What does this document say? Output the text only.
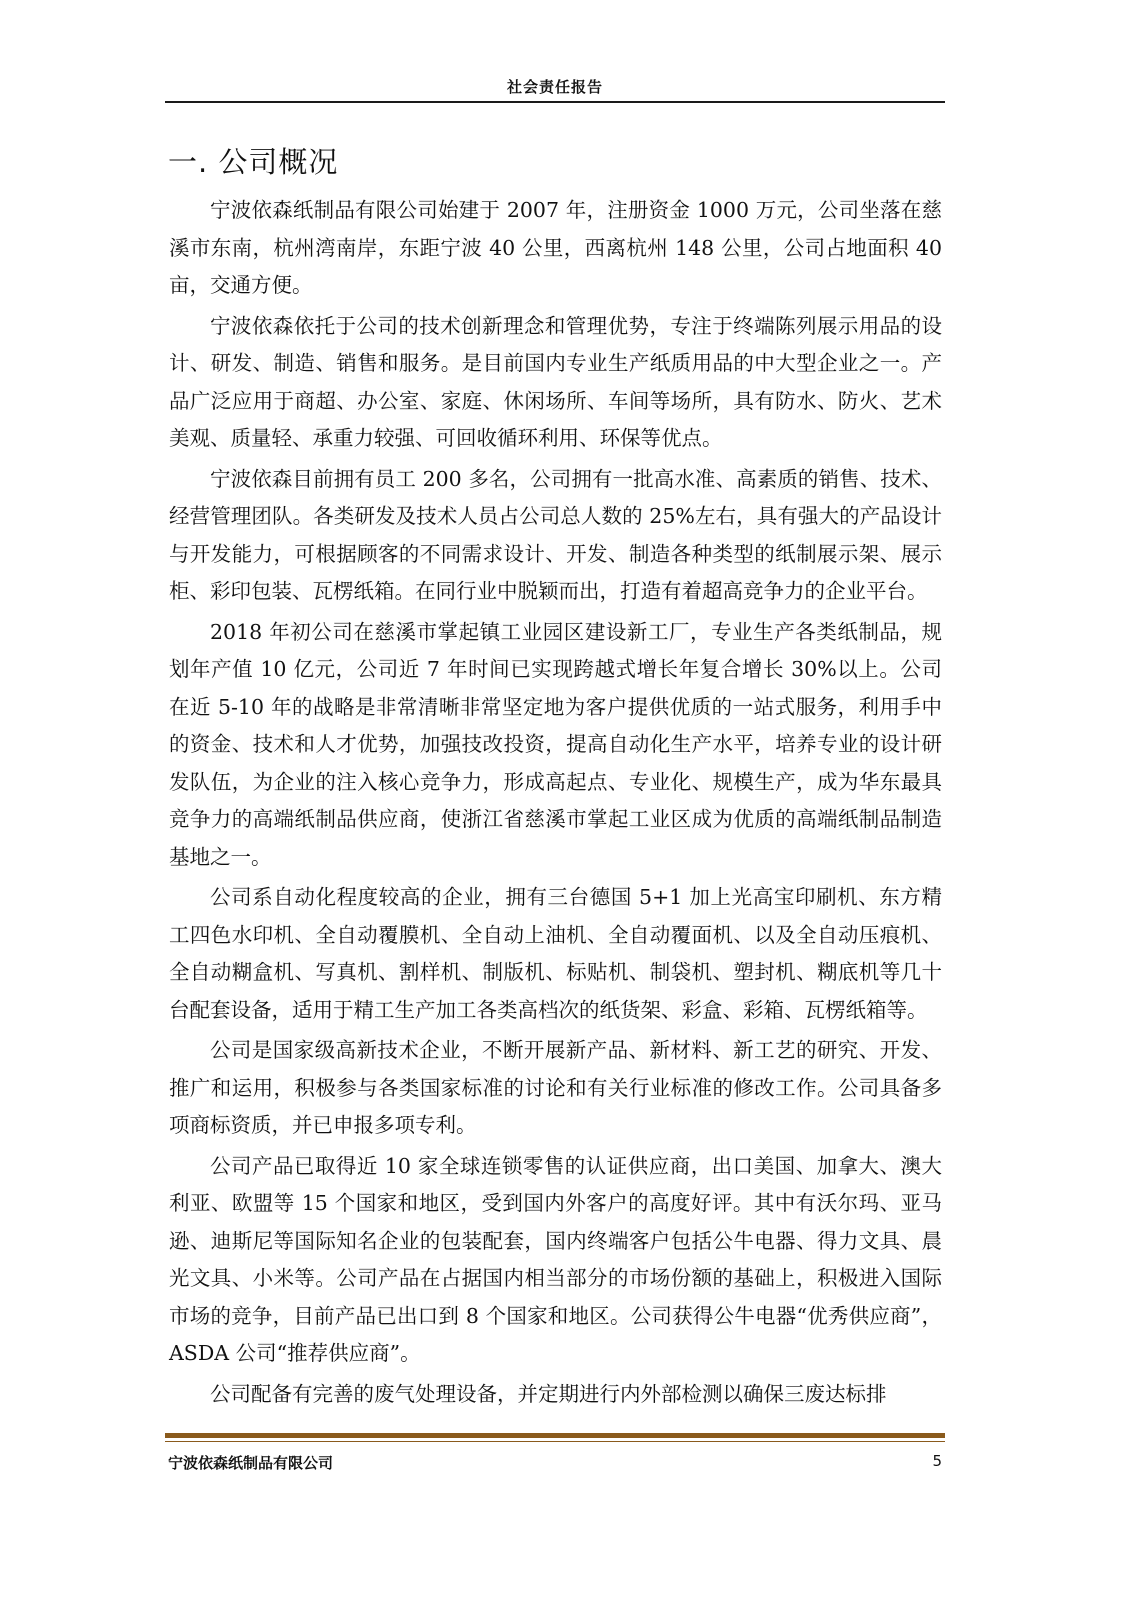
社会责任报告
一. 公司概况

宁波依森纸制品有限公司始建于 2007 年，注册资金 1000 万元，公司坐落在慈溪市东南，杭州湾南岸，东距宁波 40 公里，西离杭州 148 公里，公司占地面积 40 亩，交通方便。

宁波依森依托于公司的技术创新理念和管理优势，专注于终端陈列展示用品的设计、研发、制造、销售和服务。是目前国内专业生产纸质用品的中大型企业之一。产品广泛应用于商超、办公室、家庭、休闲场所、车间等场所，具有防水、防火、艺术美观、质量轻、承重力较强、可回收循环利用、环保等优点。

宁波依森目前拥有员工 200 多名，公司拥有一批高水准、高素质的销售、技术、经营管理团队。各类研发及技术人员占公司总人数的 25%左右，具有强大的产品设计与开发能力，可根据顾客的不同需求设计、开发、制造各种类型的纸制展示架、展示柜、彩印包装、瓦楞纸箱。在同行业中脱颖而出，打造有着超高竞争力的企业平台。

2018 年初公司在慈溪市掌起镇工业园区建设新工厂，专业生产各类纸制品，规划年产值 10 亿元，公司近 7 年时间已实现跨越式增长年复合增长 30%以上。公司在近 5-10 年的战略是非常清晰非常坚定地为客户提供优质的一站式服务，利用手中的资金、技术和人才优势，加强技改投资，提高自动化生产水平，培养专业的设计研发队伍，为企业的注入核心竞争力，形成高起点、专业化、规模生产，成为华东最具竞争力的高端纸制品供应商，使浙江省慈溪市掌起工业区成为优质的高端纸制品制造基地之一。

公司系自动化程度较高的企业，拥有三台德国 5+1 加上光高宝印刷机、东方精工四色水印机、全自动覆膜机、全自动上油机、全自动覆面机、以及全自动压痕机、全自动糊盒机、写真机、割样机、制版机、标贴机、制袋机、塑封机、糊底机等几十台配套设备，适用于精工生产加工各类高档次的纸货架、彩盒、彩箱、瓦楞纸箱等。

公司是国家级高新技术企业，不断开展新产品、新材料、新工艺的研究、开发、推广和运用，积极参与各类国家标准的讨论和有关行业标准的修改工作。公司具备多项商标资质，并已申报多项专利。

公司产品已取得近 10 家全球连锁零售的认证供应商，出口美国、加拿大、澳大利亚、欧盟等 15 个国家和地区，受到国内外客户的高度好评。其中有沃尔玛、亚马逊、迪斯尼等国际知名企业的包装配套，国内终端客户包括公牛电器、得力文具、晨光文具、小米等。公司产品在占据国内相当部分的市场份额的基础上，积极进入国际市场的竞争，目前产品已出口到 8 个国家和地区。公司获得公牛电器“优秀供应商”，ASDA 公司“推荐供应商”。

公司配备有完善的废气处理设备，并定期进行内外部检测以确保三废达标排

宁波依森纸制品有限公司	5
